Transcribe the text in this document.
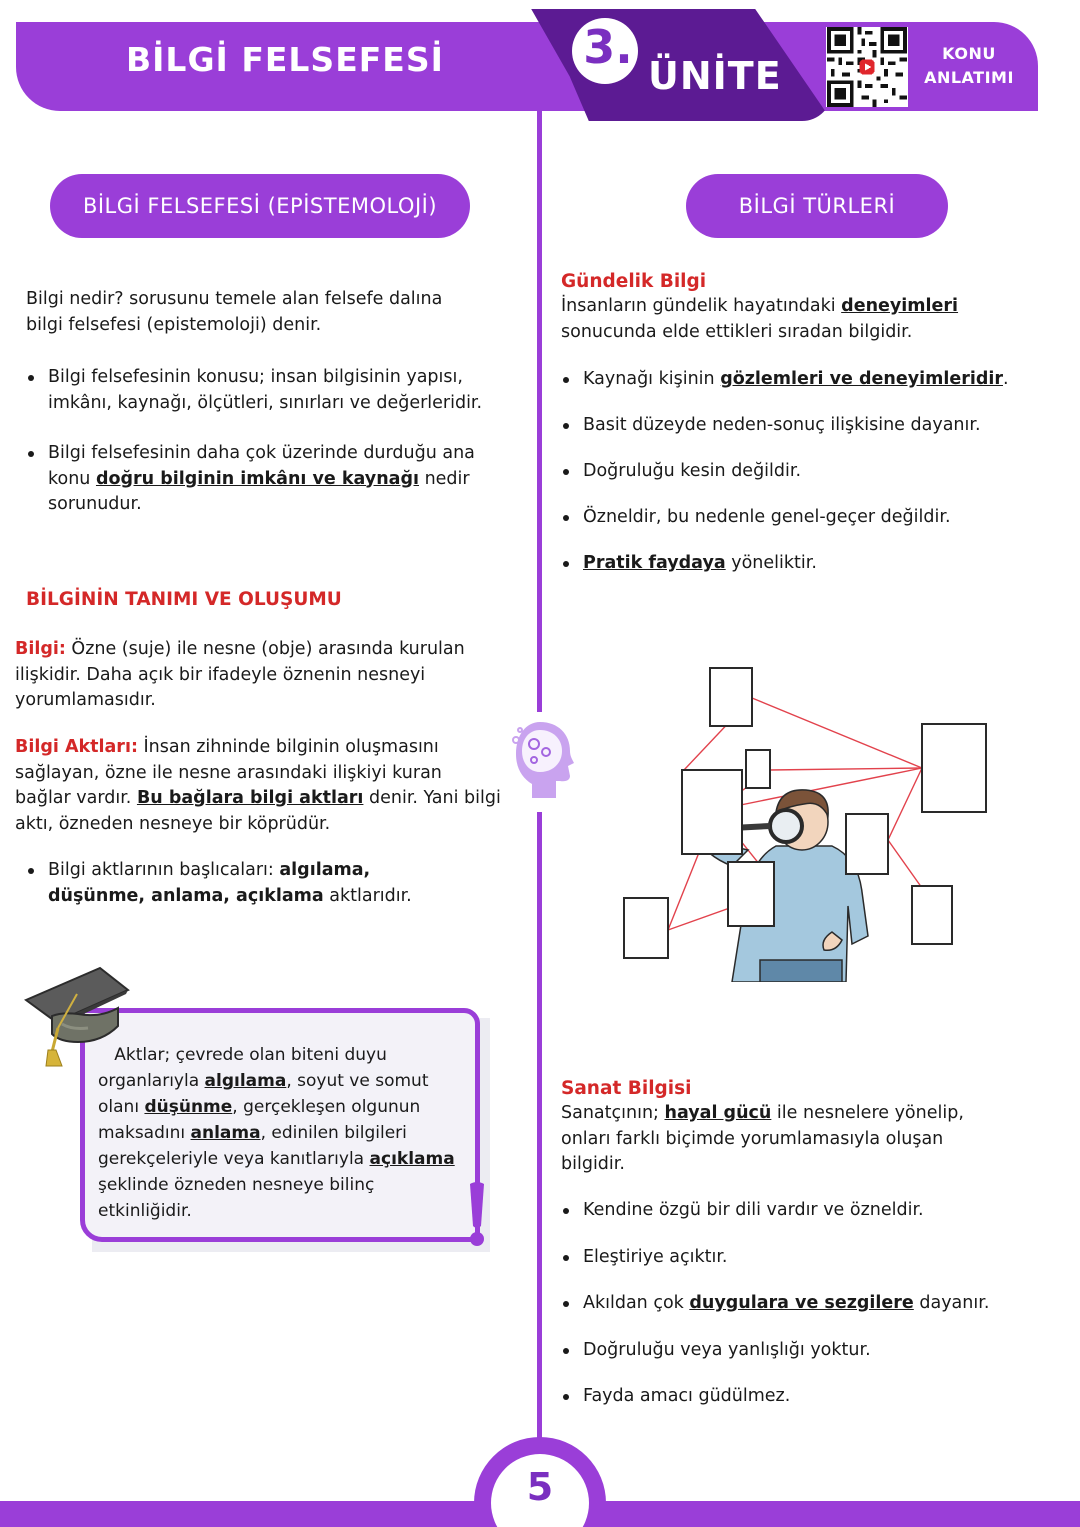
BİLGİ FELSEFESİ	3.
ÜNİTE
KONU
ANLATIMI
BİLGİ FELSEFESİ (EPİSTEMOLOJİ)
Bilgi nedir? sorusunu temele alan felsefe dalına
bilgi felsefesi (epistemoloji) denir.
Bilgi felsefesinin konusu; insan bilgisinin yapısı, imkânı, kaynağı, ölçütleri, sınırları ve değerleridir.
Bilgi felsefesinin daha çok üzerinde durduğu ana konu doğru bilginin imkânı ve kaynağı nedir sorunudur.
BİLGİNİN TANIMI VE OLUŞUMU
Bilgi: Özne (suje) ile nesne (obje) arasında kurulan ilişkidir. Daha açık bir ifadeyle öznenin nesneyi yorumlamasıdır.
Bilgi Aktları: İnsan zihninde bilginin oluşmasını sağlayan, özne ile nesne arasındaki ilişkiyi kuran bağlar vardır. Bu bağlara bilgi aktları denir. Yani bilgi aktı, özneden nesneye bir köprüdür.
Bilgi aktlarının başlıcaları: algılama, düşünme, anlama, açıklama aktlarıdır.
Aktlar; çevrede olan biteni duyu organlarıyla algılama, soyut ve somut olanı düşünme, gerçekleşen olgunun maksadını anlama, edinilen bilgileri gerekçeleriyle veya kanıtlarıyla açıklama şeklinde özneden nesneye bilinç etkinliğidir.
BİLGİ TÜRLERİ
Gündelik Bilgi
İnsanların gündelik hayatındaki deneyimleri sonucunda elde ettikleri sıradan bilgidir.
Kaynağı kişinin gözlemleri ve deneyimleridir.
Basit düzeyde neden-sonuç ilişkisine dayanır.
Doğruluğu kesin değildir.
Özneldir, bu nedenle genel-geçer değildir.
Pratik faydaya yöneliktir.
Sanat Bilgisi
Sanatçının; hayal gücü ile nesnelere yönelip, onları farklı biçimde yorumlamasıyla oluşan bilgidir.
Kendine özgü bir dili vardır ve özneldir.
Eleştiriye açıktır.
Akıldan çok duygulara ve sezgilere dayanır.
Doğruluğu veya yanlışlığı yoktur.
Fayda amacı güdülmez.
5
